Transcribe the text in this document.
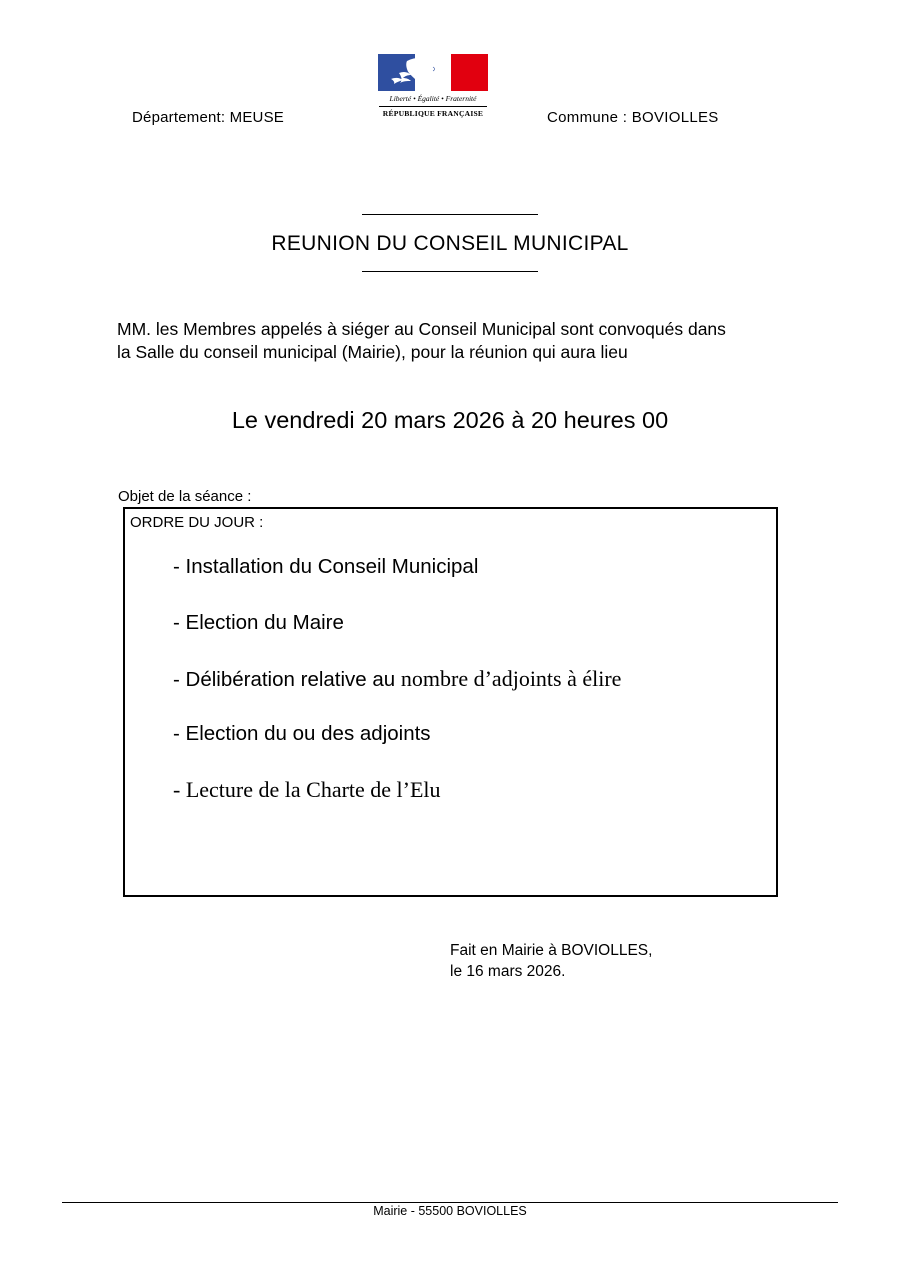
Département: MEUSE
Liberté • Égalité • Fraternité
RÉPUBLIQUE FRANÇAISE	Commune : BOVIOLLES
REUNION DU CONSEIL MUNICIPAL
MM. les Membres appelés à siéger au Conseil Municipal sont convoqués dans
la Salle du conseil municipal (Mairie), pour la réunion qui aura lieu
Le vendredi 20 mars 2026 à 20 heures 00
Objet de la séance :
ORDRE DU JOUR :
- Installation du Conseil Municipal
- Election du Maire
- Délibération relative au nombre d’adjoints à élire
- Election du ou des adjoints
- Lecture de la Charte de l’Elu
Fait en Mairie à BOVIOLLES,
le 16 mars 2026.
Mairie - 55500 BOVIOLLES
